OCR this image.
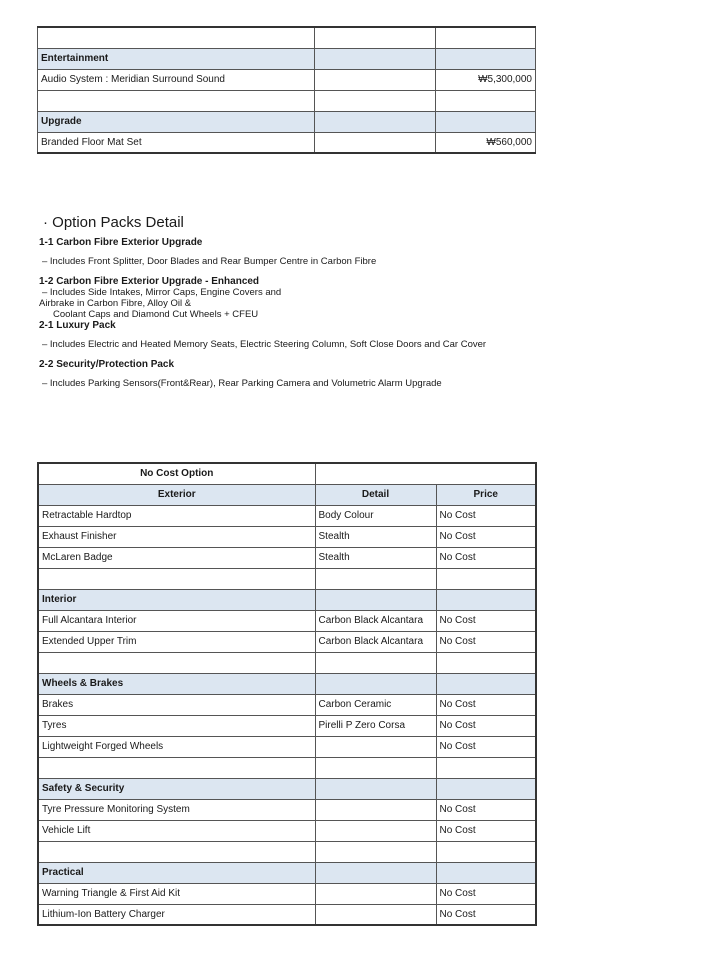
Entertainment		
Audio System : Meridian Surround Sound		₩5,300,000

Upgrade		
Branded Floor Mat Set		₩560,000
· Option Packs Detail
1-1 Carbon Fibre Exterior Upgrade
– Includes Front Splitter, Door Blades and Rear Bumper Centre in Carbon Fibre
1-2 Carbon Fibre Exterior Upgrade - Enhanced
– Includes Side Intakes, Mirror Caps, Engine Covers and
Airbrake in Carbon Fibre, Alloy Oil &
Coolant Caps and Diamond Cut Wheels + CFEU
2-1 Luxury Pack
– Includes Electric and Heated Memory Seats, Electric Steering Column, Soft Close Doors and Car Cover
2-2 Security/Protection Pack
– Includes Parking Sensors(Front&Rear), Rear Parking Camera and Volumetric Alarm Upgrade
No Cost Option		
Exterior	Detail	Price
Retractable Hardtop	Body Colour	No Cost
Exhaust Finisher	Stealth	No Cost
McLaren Badge	Stealth	No Cost

Interior		
Full Alcantara Interior	Carbon Black Alcantara	No Cost
Extended Upper Trim	Carbon Black Alcantara	No Cost

Wheels & Brakes		
Brakes	Carbon Ceramic	No Cost
Tyres	Pirelli P Zero Corsa	No Cost
Lightweight Forged Wheels		No Cost

Safety & Security		
Tyre Pressure Monitoring System		No Cost
Vehicle Lift		No Cost

Practical		
Warning Triangle & First Aid Kit		No Cost
Lithium-Ion Battery Charger		No Cost
